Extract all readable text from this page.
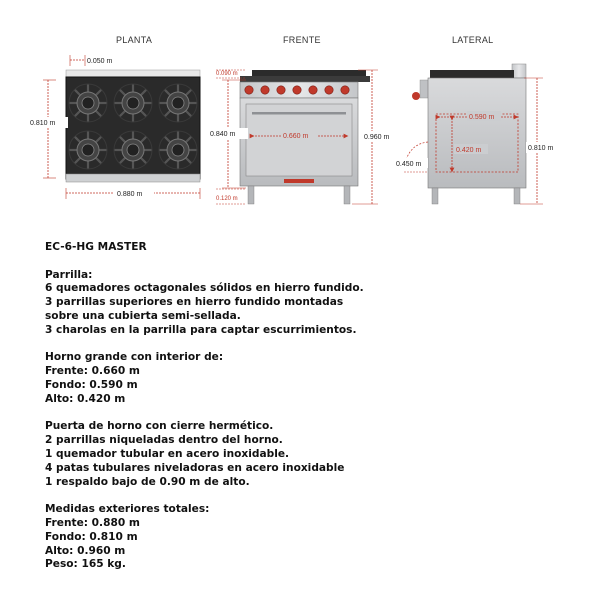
PLANTA	FRENTE	LATERAL
0.050 m
0.810 m
0.880 m
0.090 m
0.840 m	0.660 m	0.960 m
0.120 m
0.590 m
0.420 m
0.450 m
0.810 m
EC-6-HG MASTER
Parrilla:
6 quemadores octagonales sólidos en hierro fundido.
3 parrillas superiores en hierro fundido montadas
sobre una cubierta semi-sellada.
3 charolas en la parrilla para captar escurrimientos.
Horno grande con interior de:
Frente: 0.660 m
Fondo: 0.590 m
Alto: 0.420 m
Puerta de horno con cierre hermético.
2 parrillas niqueladas dentro del horno.
1 quemador tubular en acero inoxidable.
4 patas tubulares niveladoras en acero inoxidable
1 respaldo bajo de 0.90 m de alto.
Medidas exteriores totales:
Frente: 0.880 m
Fondo: 0.810 m
Alto: 0.960 m
Peso: 165 kg.
